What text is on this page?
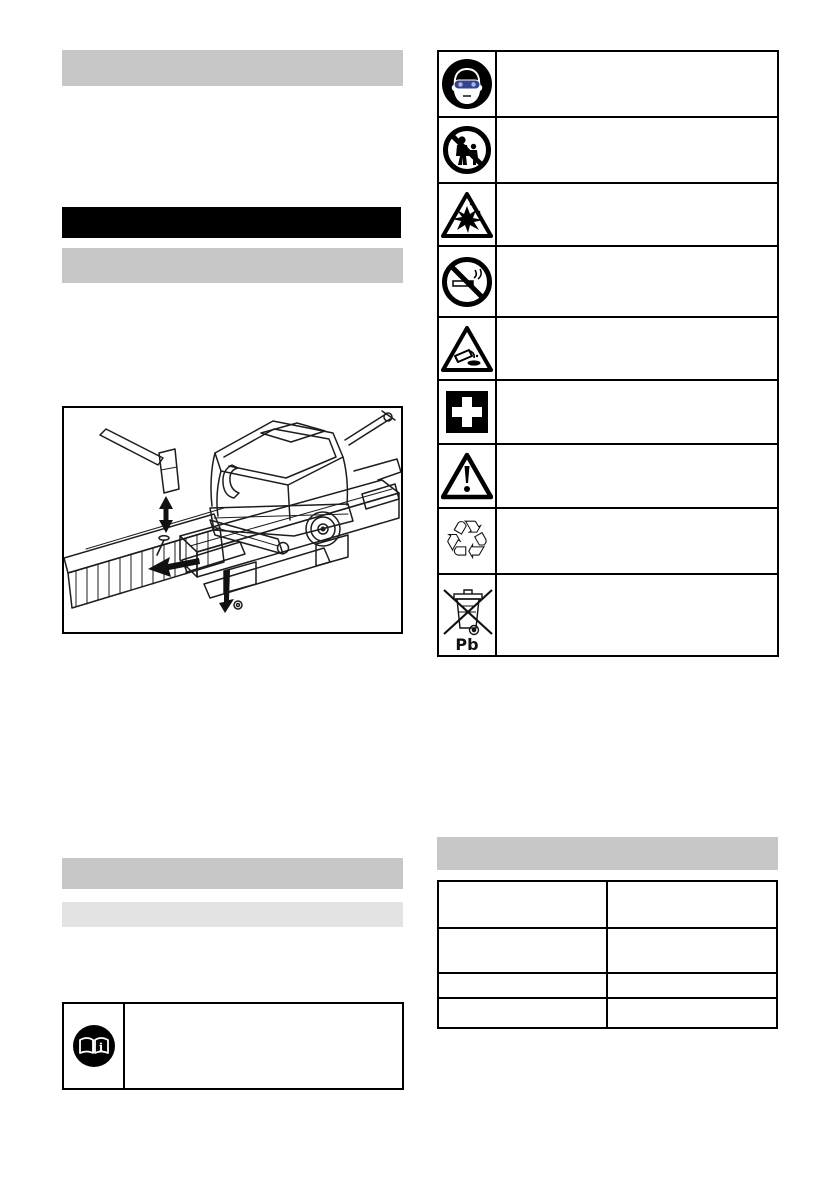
i
♲
Pb
